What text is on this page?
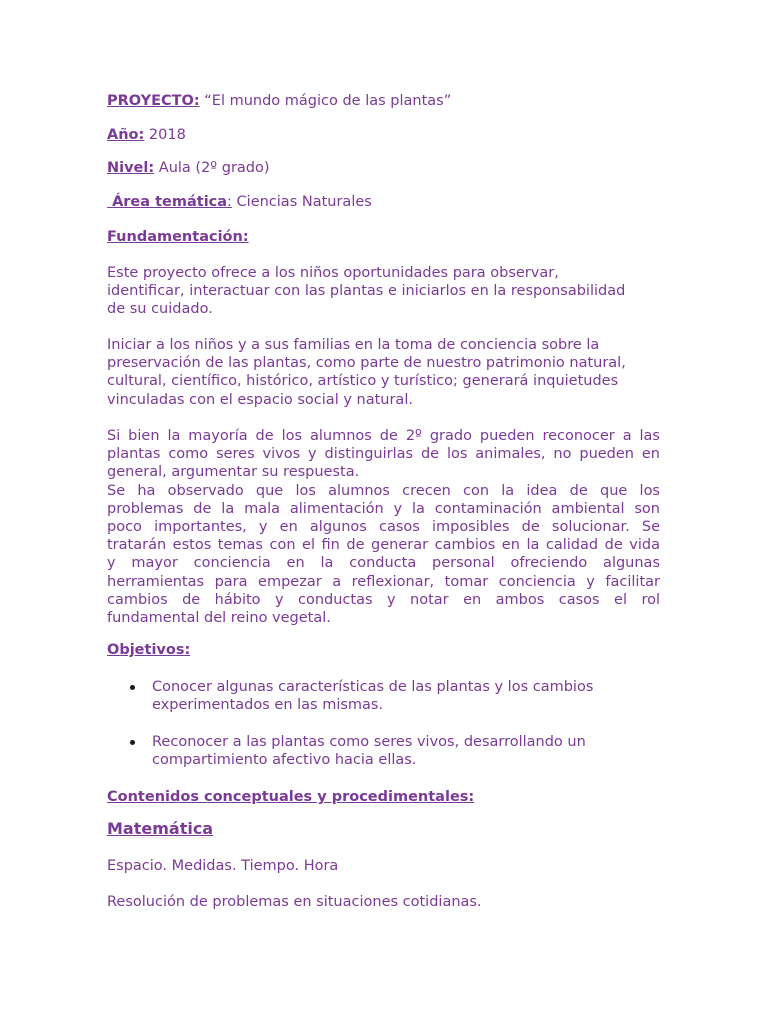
PROYECTO: “El mundo mágico de las plantas”
Año: 2018
Nivel: Aula (2º grado)
Área temática: Ciencias Naturales
Fundamentación:
Este proyecto ofrece a los niños oportunidades para observar,
identificar, interactuar con las plantas e iniciarlos en la responsabilidad
de su cuidado.
Iniciar a los niños y a sus familias en la toma de conciencia sobre la
preservación de las plantas, como parte de nuestro patrimonio natural,
cultural, científico, histórico, artístico y turístico; generará inquietudes
vinculadas con el espacio social y natural.
Si bien la mayoría de los alumnos de 2º grado pueden reconocer a las
plantas como seres vivos y distinguirlas de los animales, no pueden en
general, argumentar su respuesta.
Se ha observado que los alumnos crecen con la idea de que los
problemas de la mala alimentación y la contaminación ambiental son
poco importantes, y en algunos casos imposibles de solucionar. Se
tratarán estos temas con el fin de generar cambios en la calidad de vida
y mayor conciencia en la conducta personal ofreciendo algunas
herramientas para empezar a reflexionar, tomar conciencia y facilitar
cambios de hábito y conductas y notar en ambos casos el rol
fundamental del reino vegetal.
Objetivos:
Conocer algunas características de las plantas y los cambios
experimentados en las mismas.
Reconocer a las plantas como seres vivos, desarrollando un
compartimiento afectivo hacia ellas.
Contenidos conceptuales y procedimentales:
Matemática
Espacio. Medidas. Tiempo. Hora
Resolución de problemas en situaciones cotidianas.
